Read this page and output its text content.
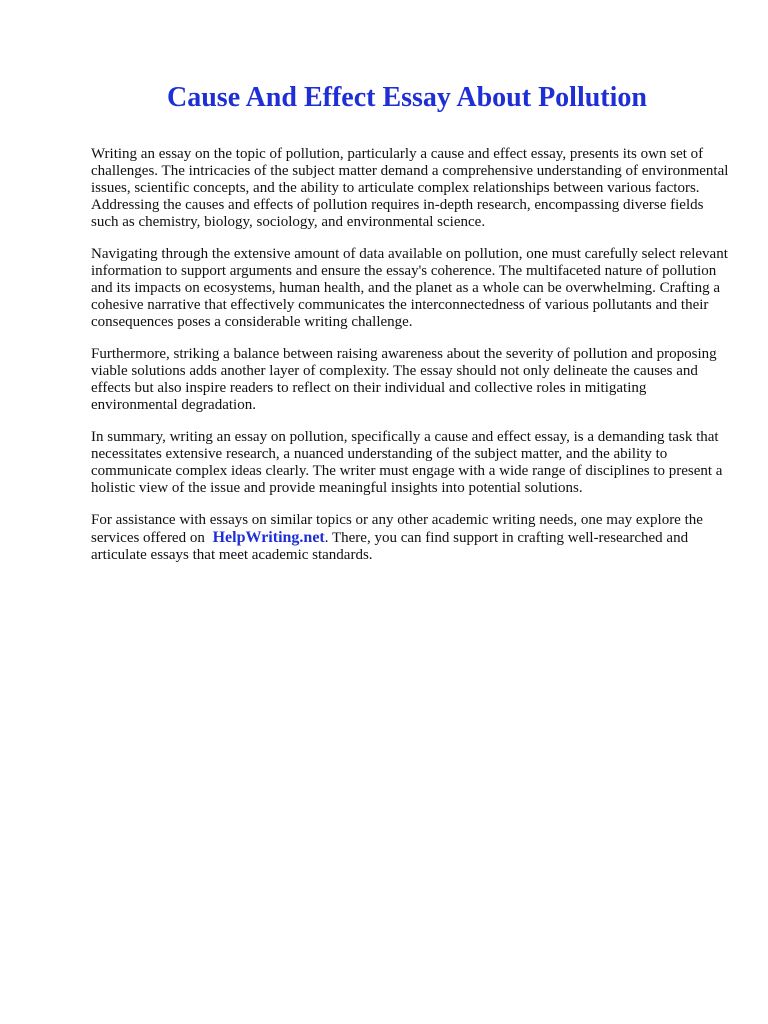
Cause And Effect Essay About Pollution

Writing an essay on the topic of pollution, particularly a cause and effect essay, presents its own set of challenges. The intricacies of the subject matter demand a comprehensive understanding of environmental issues, scientific concepts, and the ability to articulate complex relationships between various factors. Addressing the causes and effects of pollution requires in-depth research, encompassing diverse fields such as chemistry, biology, sociology, and environmental science.

Navigating through the extensive amount of data available on pollution, one must carefully select relevant information to support arguments and ensure the essay's coherence. The multifaceted nature of pollution and its impacts on ecosystems, human health, and the planet as a whole can be overwhelming. Crafting a cohesive narrative that effectively communicates the interconnectedness of various pollutants and their consequences poses a considerable writing challenge.

Furthermore, striking a balance between raising awareness about the severity of pollution and proposing viable solutions adds another layer of complexity. The essay should not only delineate the causes and effects but also inspire readers to reflect on their individual and collective roles in mitigating environmental degradation.

In summary, writing an essay on pollution, specifically a cause and effect essay, is a demanding task that necessitates extensive research, a nuanced understanding of the subject matter, and the ability to communicate complex ideas clearly. The writer must engage with a wide range of disciplines to present a holistic view of the issue and provide meaningful insights into potential solutions.

For assistance with essays on similar topics or any other academic writing needs, one may explore the services offered on HelpWriting.net. There, you can find support in crafting well-researched and articulate essays that meet academic standards.
